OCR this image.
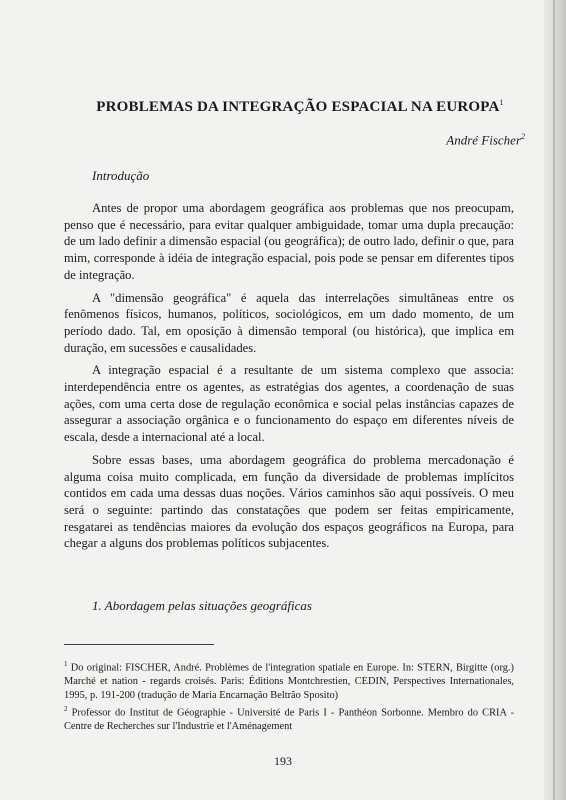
PROBLEMAS DA INTEGRAÇÃO ESPACIAL NA EUROPA$^1$
André Fischer$^2$
Introdução

Antes de propor uma abordagem geográfica aos problemas que nos preocupam, penso que é necessário, para evitar qualquer ambiguidade, tomar uma dupla precaução: de um lado definir a dimensão espacial (ou geográfica); de outro lado, definir o que, para mim, corresponde à idéia de integração espacial, pois pode se pensar em diferentes tipos de integração.

A "dimensão geográfica" é aquela das interrelações simultâneas entre os fenômenos físicos, humanos, políticos, sociológicos, em um dado momento, de um período dado. Tal, em oposição à dimensão temporal (ou histórica), que implica em duração, em sucessões e causalidades.

A integração espacial é a resultante de um sistema complexo que associa: interdependência entre os agentes, as estratégias dos agentes, a coordenação de suas ações, com uma certa dose de regulação econômica e social pelas instâncias capazes de assegurar a associação orgânica e o funcionamento do espaço em diferentes níveis de escala, desde a internacional até a local.

Sobre essas bases, uma abordagem geográfica do problema mercadonação é alguma coisa muito complicada, em função da diversidade de problemas implícitos contidos em cada uma dessas duas noções. Vários caminhos são aqui possíveis. O meu será o seguinte: partindo das constatações que podem ser feitas empiricamente, resgatarei as tendências maiores da evolução dos espaços geográficos na Europa, para chegar a alguns dos problemas políticos subjacentes.

1. Abordagem pelas situações geográficas

$^1$ Do original: FISCHER, André. Problèmes de l'integration spatiale en Europe. In: STERN, Birgitte (org.) Marché et nation - regards croisés. Paris: Éditions Montchrestien, CEDIN, Perspectives Internationales, 1995, p. 191-200 (tradução de Maria Encarnação Beltrão Sposito)

$^2$ Professor do Institut de Géographie - Université de Paris I - Panthéon Sorbonne. Membro do CRIA - Centre de Recherches sur l'Industrie et l'Aménagement

193
